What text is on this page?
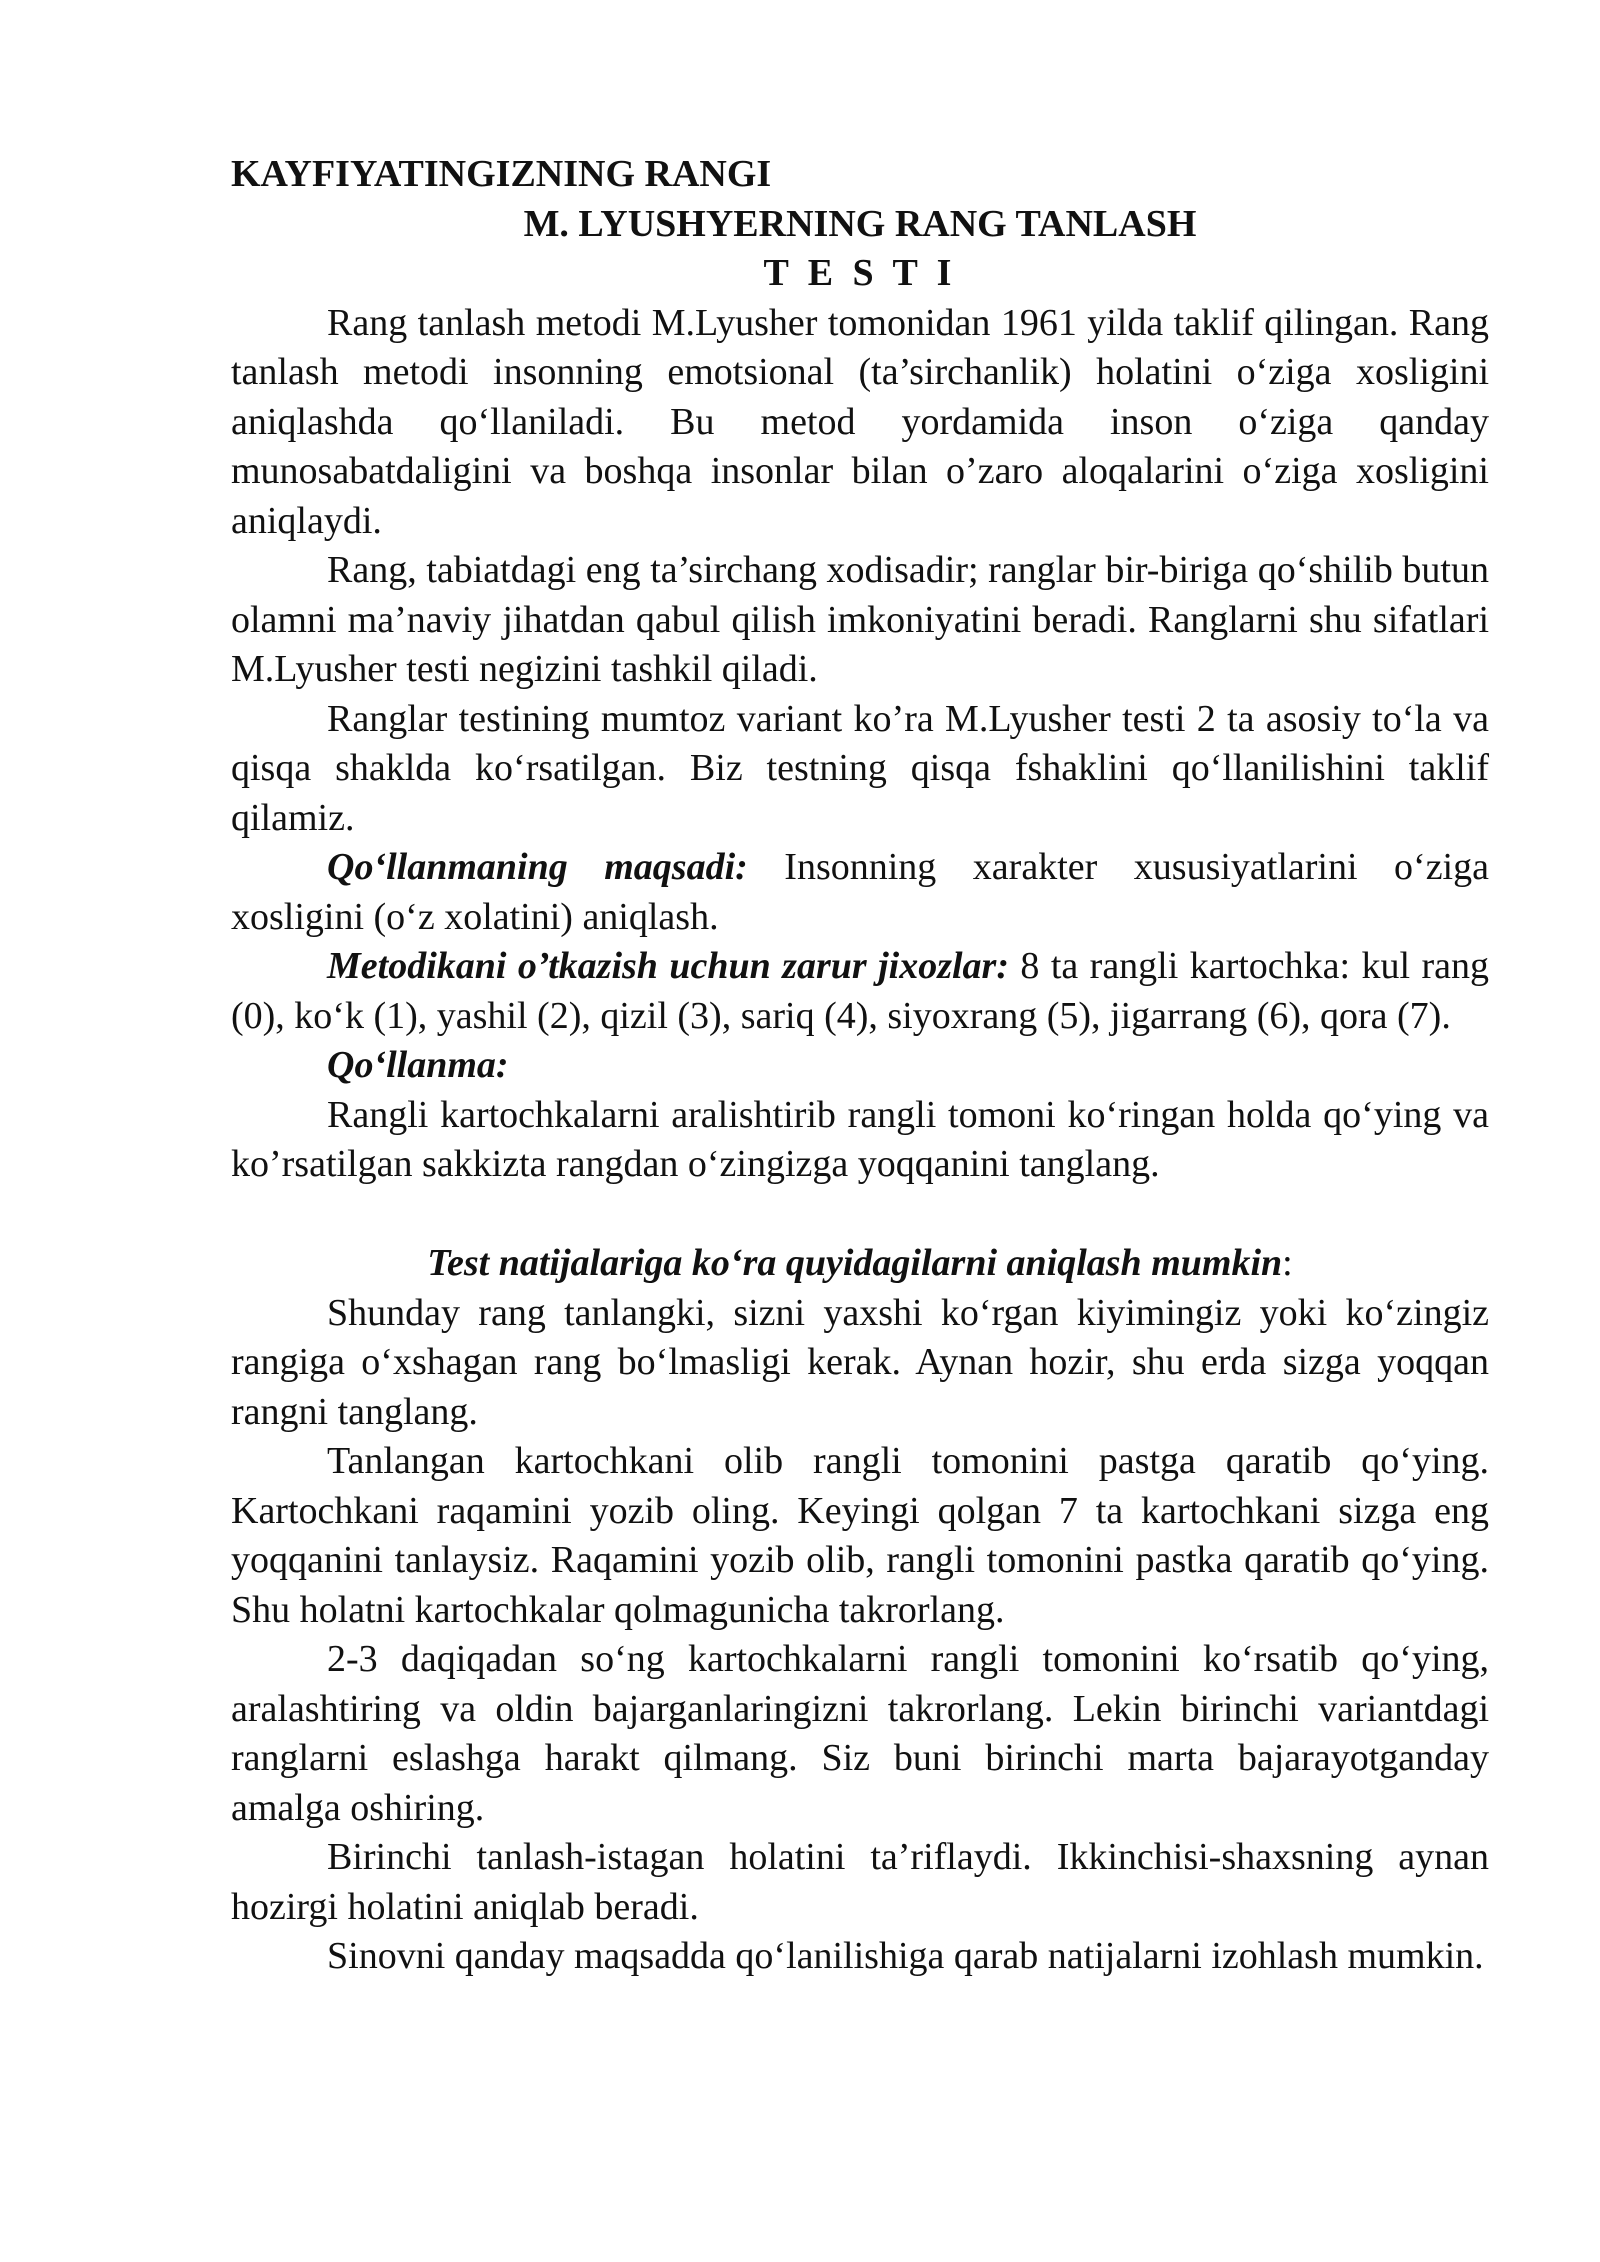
KAYFIYATINGIZNING RANGI
M. LYUSHYERNING RANG TANLASH
T E S T I

Rang tanlash metodi M.Lyusher tomonidan 1961 yilda taklif qilingan. Rang tanlash metodi insonning emotsional (ta’sirchanlik) holatini o‘ziga xosligini aniqlashda qo‘llaniladi. Bu metod yordamida inson o‘ziga qanday munosabatdaligini va boshqa insonlar bilan o’zaro aloqalarini o‘ziga xosligini aniqlaydi.

Rang, tabiatdagi eng ta’sirchang xodisadir; ranglar bir-biriga qo‘shilib butun olamni ma’naviy jihatdan qabul qilish imkoniyatini beradi. Ranglarni shu sifatlari M.Lyusher testi negizini tashkil qiladi.

Ranglar testining mumtoz variant ko’ra M.Lyusher testi 2 ta asosiy to‘la va qisqa shaklda ko‘rsatilgan. Biz testning qisqa fshaklini qo‘llanilishini taklif qilamiz.

Qo‘llanmaning maqsadi: Insonning xarakter xususiyatlarini o‘ziga xosligini (o‘z xolatini) aniqlash.

Metodikani o’tkazish uchun zarur jixozlar: 8 ta rangli kartochka: kul rang (0), ko‘k (1), yashil (2), qizil (3), sariq (4), siyoxrang (5), jigarrang (6), qora (7).

Qo‘llanma:

Rangli kartochkalarni aralishtirib rangli tomoni ko‘ringan holda qo‘ying va ko’rsatilgan sakkizta rangdan o‘zingizga yoqqanini tanglang.

Test natijalariga ko‘ra quyidagilarni aniqlash mumkin:

Shunday rang tanlangki, sizni yaxshi ko‘rgan kiyimingiz yoki ko‘zingiz rangiga o‘xshagan rang bo‘lmasligi kerak. Aynan hozir, shu erda sizga yoqqan rangni tanglang.

Tanlangan kartochkani olib rangli tomonini pastga qaratib qo‘ying. Kartochkani raqamini yozib oling. Keyingi qolgan 7 ta kartochkani sizga eng yoqqanini tanlaysiz. Raqamini yozib olib, rangli tomonini pastka qaratib qo‘ying. Shu holatni kartochkalar qolmagunicha takrorlang.

2-3 daqiqadan so‘ng kartochkalarni rangli tomonini ko‘rsatib qo‘ying, aralashtiring va oldin bajarganlaringizni takrorlang. Lekin birinchi variantdagi ranglarni eslashga harakt qilmang. Siz buni birinchi marta bajarayotganday amalga oshiring.

Birinchi tanlash-istagan holatini ta’riflaydi. Ikkinchisi-shaxsning aynan hozirgi holatini aniqlab beradi.

Sinovni qanday maqsadda qo‘lanilishiga qarab natijalarni izohlash mumkin.
